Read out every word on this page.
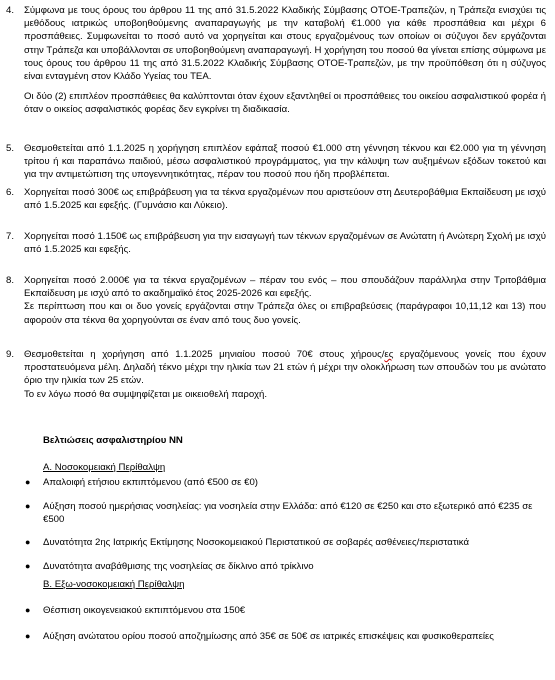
4. Σύμφωνα με τους όρους του άρθρου 11 της από 31.5.2022 Κλαδικής Σύμβασης ΟΤΟΕ-Τραπεζών, η Τράπεζα ενισχύει τις μεθόδους ιατρικώς υποβοηθούμενης αναπαραγωγής με την καταβολή €1.000 για κάθε προσπάθεια και μέχρι 6 προσπάθειες. Συμφωνείται το ποσό αυτό να χορηγείται και στους εργαζομένους των οποίων οι σύζυγοι δεν εργάζονται στην Τράπεζα και υποβάλλονται σε υποβοηθούμενη αναπαραγωγή. Η χορήγηση του ποσού θα γίνεται επίσης σύμφωνα με τους όρους του άρθρου 11 της από 31.5.2022 Κλαδικής Σύμβασης ΟΤΟΕ-Τραπεζών, με την προϋπόθεση ότι η σύζυγος είναι ενταγμένη στον Κλάδο Υγείας του ΤΕΑ.

Οι δύο (2) επιπλέον προσπάθειες θα καλύπτονται όταν έχουν εξαντληθεί οι προσπάθειες του οικείου ασφαλιστικού φορέα ή όταν ο οικείος ασφαλιστικός φορέας δεν εγκρίνει τη διαδικασία.

5. Θεσμοθετείται από 1.1.2025 η χορήγηση επιπλέον εφάπαξ ποσού €1.000 στη γέννηση τέκνου και €2.000 για τη γέννηση τρίτου ή και παραπάνω παιδιού, μέσω ασφαλιστικού προγράμματος, για την κάλυψη των αυξημένων εξόδων τοκετού και για την αντιμετώπιση της υπογεννητικότητας, πέραν του ποσού που ήδη προβλέπεται.

6. Χορηγείται ποσό 300€ ως επιβράβευση για τα τέκνα εργαζομένων που αριστεύουν στη Δευτεροβάθμια Εκπαίδευση με ισχύ από 1.5.2025 και εφεξής. (Γυμνάσιο και Λύκειο).

7. Χορηγείται ποσό 1.150€ ως επιβράβευση για την εισαγωγή των τέκνων εργαζομένων σε Ανώτατη ή Ανώτερη Σχολή με ισχύ από 1.5.2025 και εφεξής.

8. Χορηγείται ποσό 2.000€ για τα τέκνα εργαζομένων – πέραν του ενός – που σπουδάζουν παράλληλα στην Τριτοβάθμια Εκπαίδευση με ισχύ από το ακαδημαϊκό έτος 2025-2026 και εφεξής.

Σε περίπτωση που και οι δυο γονείς εργάζονται στην Τράπεζα όλες οι επιβραβεύσεις (παράγραφοι 10,11,12 και 13) που αφορούν στα τέκνα θα χορηγούνται σε έναν από τους δυο γονείς.

9. Θεσμοθετείται η χορήγηση από 1.1.2025 μηνιαίου ποσού 70€ στους χήρους/ες εργαζόμενους γονείς που έχουν προστατευόμενα μέλη. Δηλαδή τέκνο μέχρι την ηλικία των 21 ετών ή μέχρι την ολοκλήρωση των σπουδών του με ανώτατο όριο την ηλικία των 25 ετών.

Το εν λόγω ποσό θα συμψηφίζεται με οικειοθελή παροχή.

Βελτιώσεις ασφαλιστηρίου ΝΝ
Α. Νοσοκομειακή Περίθαλψη
● Απαλοιφή ετήσιου εκπιπτόμενου (από €500 σε €0)
● Αύξηση ποσού ημερήσιας νοσηλείας: για νοσηλεία στην Ελλάδα: από €120 σε €250 και στο εξωτερικό από €235 σε €500
● Δυνατότητα 2ης Ιατρικής Εκτίμησης Νοσοκομειακού Περιστατικού σε σοβαρές ασθένειες/περιστατικά
● Δυνατότητα αναβάθμισης της νοσηλείας σε δίκλινο από τρίκλινο
Β. Εξω-νοσοκομειακή Περίθαλψη
● Θέσπιση οικογενειακού εκπιπτόμενου στα 150€
● Αύξηση ανώτατου ορίου ποσού αποζημίωσης από 35€ σε 50€ σε ιατρικές επισκέψεις και φυσικοθεραπείες
